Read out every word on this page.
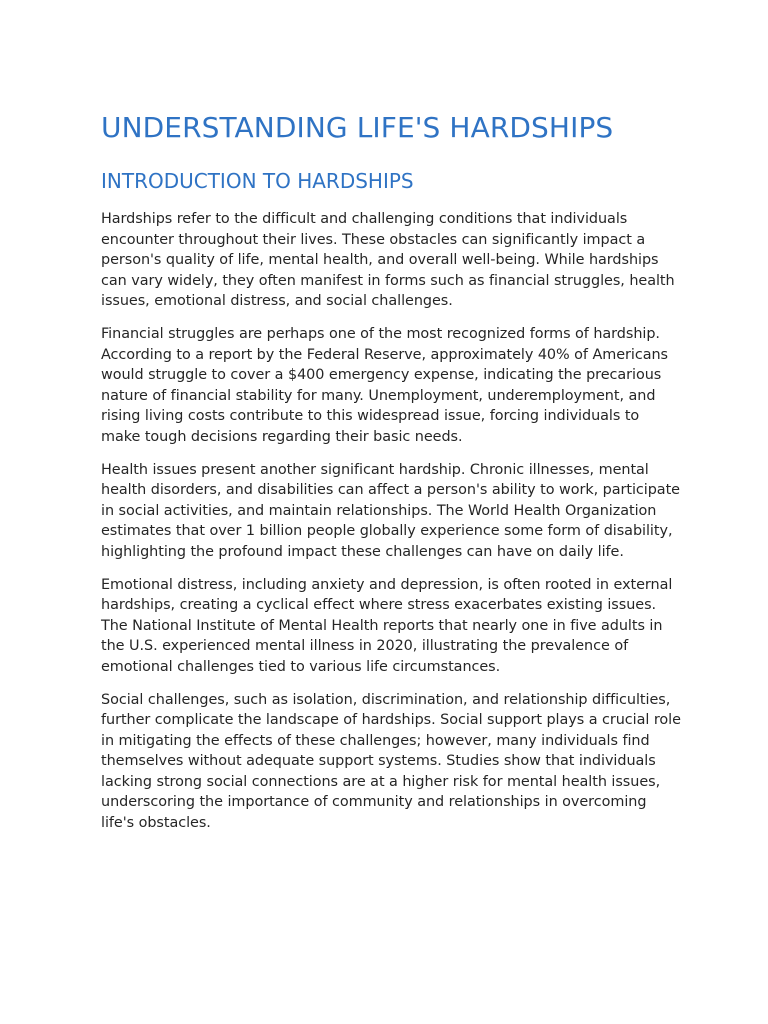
UNDERSTANDING LIFE'S HARDSHIPS
INTRODUCTION TO HARDSHIPS

Hardships refer to the difficult and challenging conditions that individuals encounter throughout their lives. These obstacles can significantly impact a person's quality of life, mental health, and overall well-being. While hardships can vary widely, they often manifest in forms such as financial struggles, health issues, emotional distress, and social challenges.

Financial struggles are perhaps one of the most recognized forms of hardship. According to a report by the Federal Reserve, approximately 40% of Americans would struggle to cover a $400 emergency expense, indicating the precarious nature of financial stability for many. Unemployment, underemployment, and rising living costs contribute to this widespread issue, forcing individuals to make tough decisions regarding their basic needs.

Health issues present another significant hardship. Chronic illnesses, mental health disorders, and disabilities can affect a person's ability to work, participate in social activities, and maintain relationships. The World Health Organization estimates that over 1 billion people globally experience some form of disability, highlighting the profound impact these challenges can have on daily life.

Emotional distress, including anxiety and depression, is often rooted in external hardships, creating a cyclical effect where stress exacerbates existing issues. The National Institute of Mental Health reports that nearly one in five adults in the U.S. experienced mental illness in 2020, illustrating the prevalence of emotional challenges tied to various life circumstances.

Social challenges, such as isolation, discrimination, and relationship difficulties, further complicate the landscape of hardships. Social support plays a crucial role in mitigating the effects of these challenges; however, many individuals find themselves without adequate support systems. Studies show that individuals lacking strong social connections are at a higher risk for mental health issues, underscoring the importance of community and relationships in overcoming life's obstacles.
